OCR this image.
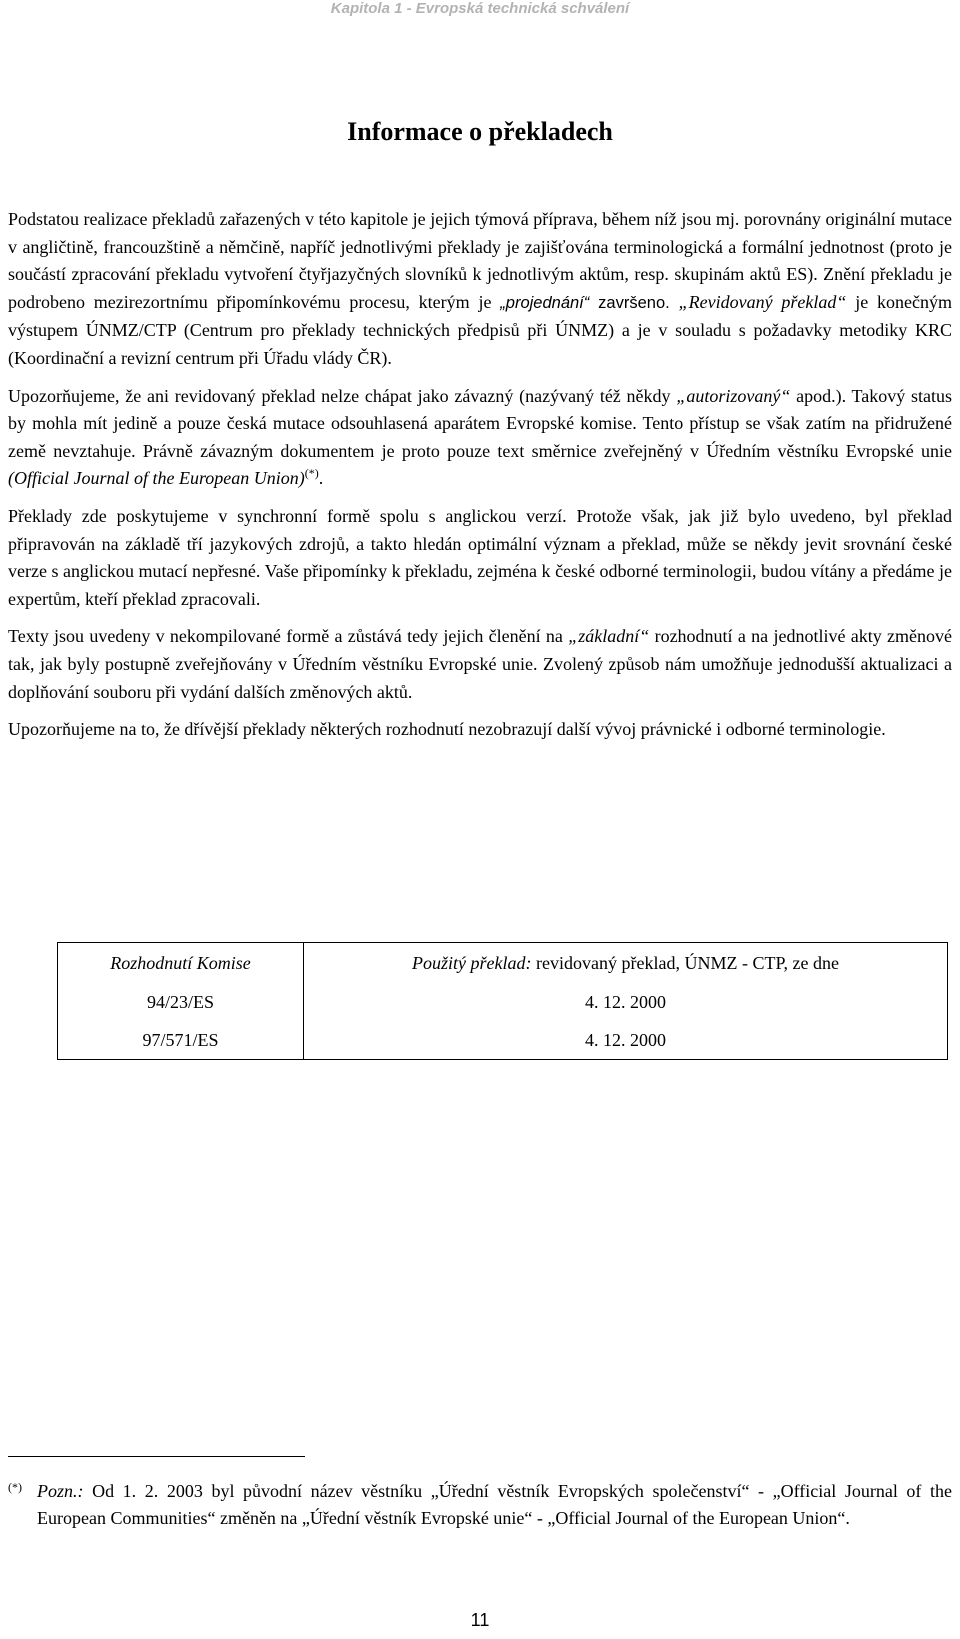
Kapitola 1 - Evropská technická schválení
Informace o překladech

Podstatou realizace překladů zařazených v této kapitole je jejich týmová příprava, během níž jsou mj. porovnány originální mutace v angličtině, francouzštině a němčině, napříč jednotlivými překlady je zajišťována terminologická a formální jednotnost (proto je součástí zpracování překladu vytvoření čtyřjazyčných slovníků k jednotlivým aktům, resp. skupinám aktů ES). Znění překladu je podrobeno mezirezortnímu připomínkovému procesu, kterým je „projednání“ završeno. „Revidovaný překlad“ je konečným výstupem ÚNMZ/CTP (Centrum pro překlady technických předpisů při ÚNMZ) a je v souladu s požadavky metodiky KRC (Koordinační a revizní centrum při Úřadu vlády ČR).

Upozorňujeme, že ani revidovaný překlad nelze chápat jako závazný (nazývaný též někdy „autorizovaný“ apod.). Takový status by mohla mít jedině a pouze česká mutace odsouhlasená aparátem Evropské komise. Tento přístup se však zatím na přidružené země nevztahuje. Právně závazným dokumentem je proto pouze text směrnice zveřejněný v Úředním věstníku Evropské unie (Official Journal of the European Union)(*).

Překlady zde poskytujeme v synchronní formě spolu s anglickou verzí. Protože však, jak již bylo uvedeno, byl překlad připravován na základě tří jazykových zdrojů, a takto hledán optimální význam a překlad, může se někdy jevit srovnání české verze s anglickou mutací nepřesné. Vaše připomínky k překladu, zejména k české odborné terminologii, budou vítány a předáme je expertům, kteří překlad zpracovali.

Texty jsou uvedeny v nekompilované formě a zůstává tedy jejich členění na „základní“ rozhodnutí a na jednotlivé akty změnové tak, jak byly postupně zveřejňovány v Úředním věstníku Evropské unie. Zvolený způsob nám umožňuje jednodušší aktualizaci a doplňování souboru při vydání dalších změnových aktů.

Upozorňujeme na to, že dřívější překlady některých rozhodnutí nezobrazují další vývoj právnické i odborné terminologie.

Rozhodnutí Komise	Použitý překlad: revidovaný překlad, ÚNMZ - CTP, ze dne
94/23/ES	4. 12. 2000
97/571/ES	4. 12. 2000
(*) Pozn.: Od 1. 2. 2003 byl původní název věstníku „Úřední věstník Evropských společenství“ - „Official Journal of the European Communities“ změněn na „Úřední věstník Evropské unie“ - „Official Journal of the European Union“.
11
